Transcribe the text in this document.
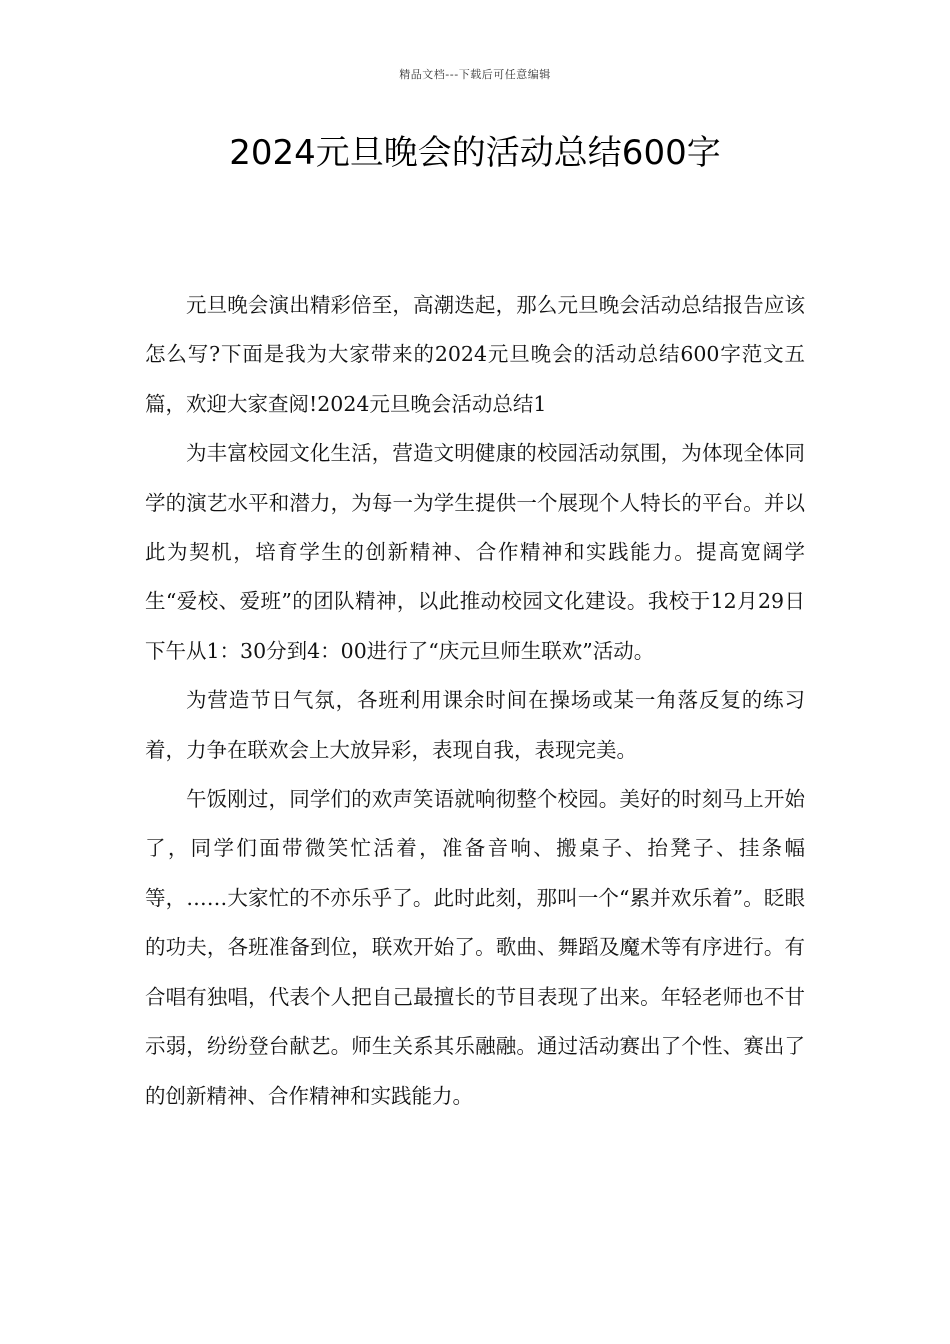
精品文档---下载后可任意编辑
2024元旦晚会的活动总结600字

元旦晚会演出精彩倍至，高潮迭起，那么元旦晚会活动总结报告应该怎么写?下面是我为大家带来的2024元旦晚会的活动总结600字范文五篇，欢迎大家查阅!2024元旦晚会活动总结1

为丰富校园文化生活，营造文明健康的校园活动氛围，为体现全体同学的演艺水平和潜力，为每一为学生提供一个展现个人特长的平台。并以此为契机，培育学生的创新精神、合作精神和实践能力。提高宽阔学生“爱校、爱班”的团队精神，以此推动校园文化建设。我校于12月29日下午从1：30分到4：00进行了“庆元旦师生联欢”活动。

为营造节日气氛，各班利用课余时间在操场或某一角落反复的练习着，力争在联欢会上大放异彩，表现自我，表现完美。

午饭刚过，同学们的欢声笑语就响彻整个校园。美好的时刻马上开始了，同学们面带微笑忙活着，准备音响、搬桌子、抬凳子、挂条幅等，……大家忙的不亦乐乎了。此时此刻，那叫一个“累并欢乐着”。眨眼的功夫，各班准备到位，联欢开始了。歌曲、舞蹈及魔术等有序进行。有合唱有独唱，代表个人把自己最擅长的节目表现了出来。年轻老师也不甘示弱，纷纷登台献艺。师生关系其乐融融。通过活动赛出了个性、赛出了的创新精神、合作精神和实践能力。
